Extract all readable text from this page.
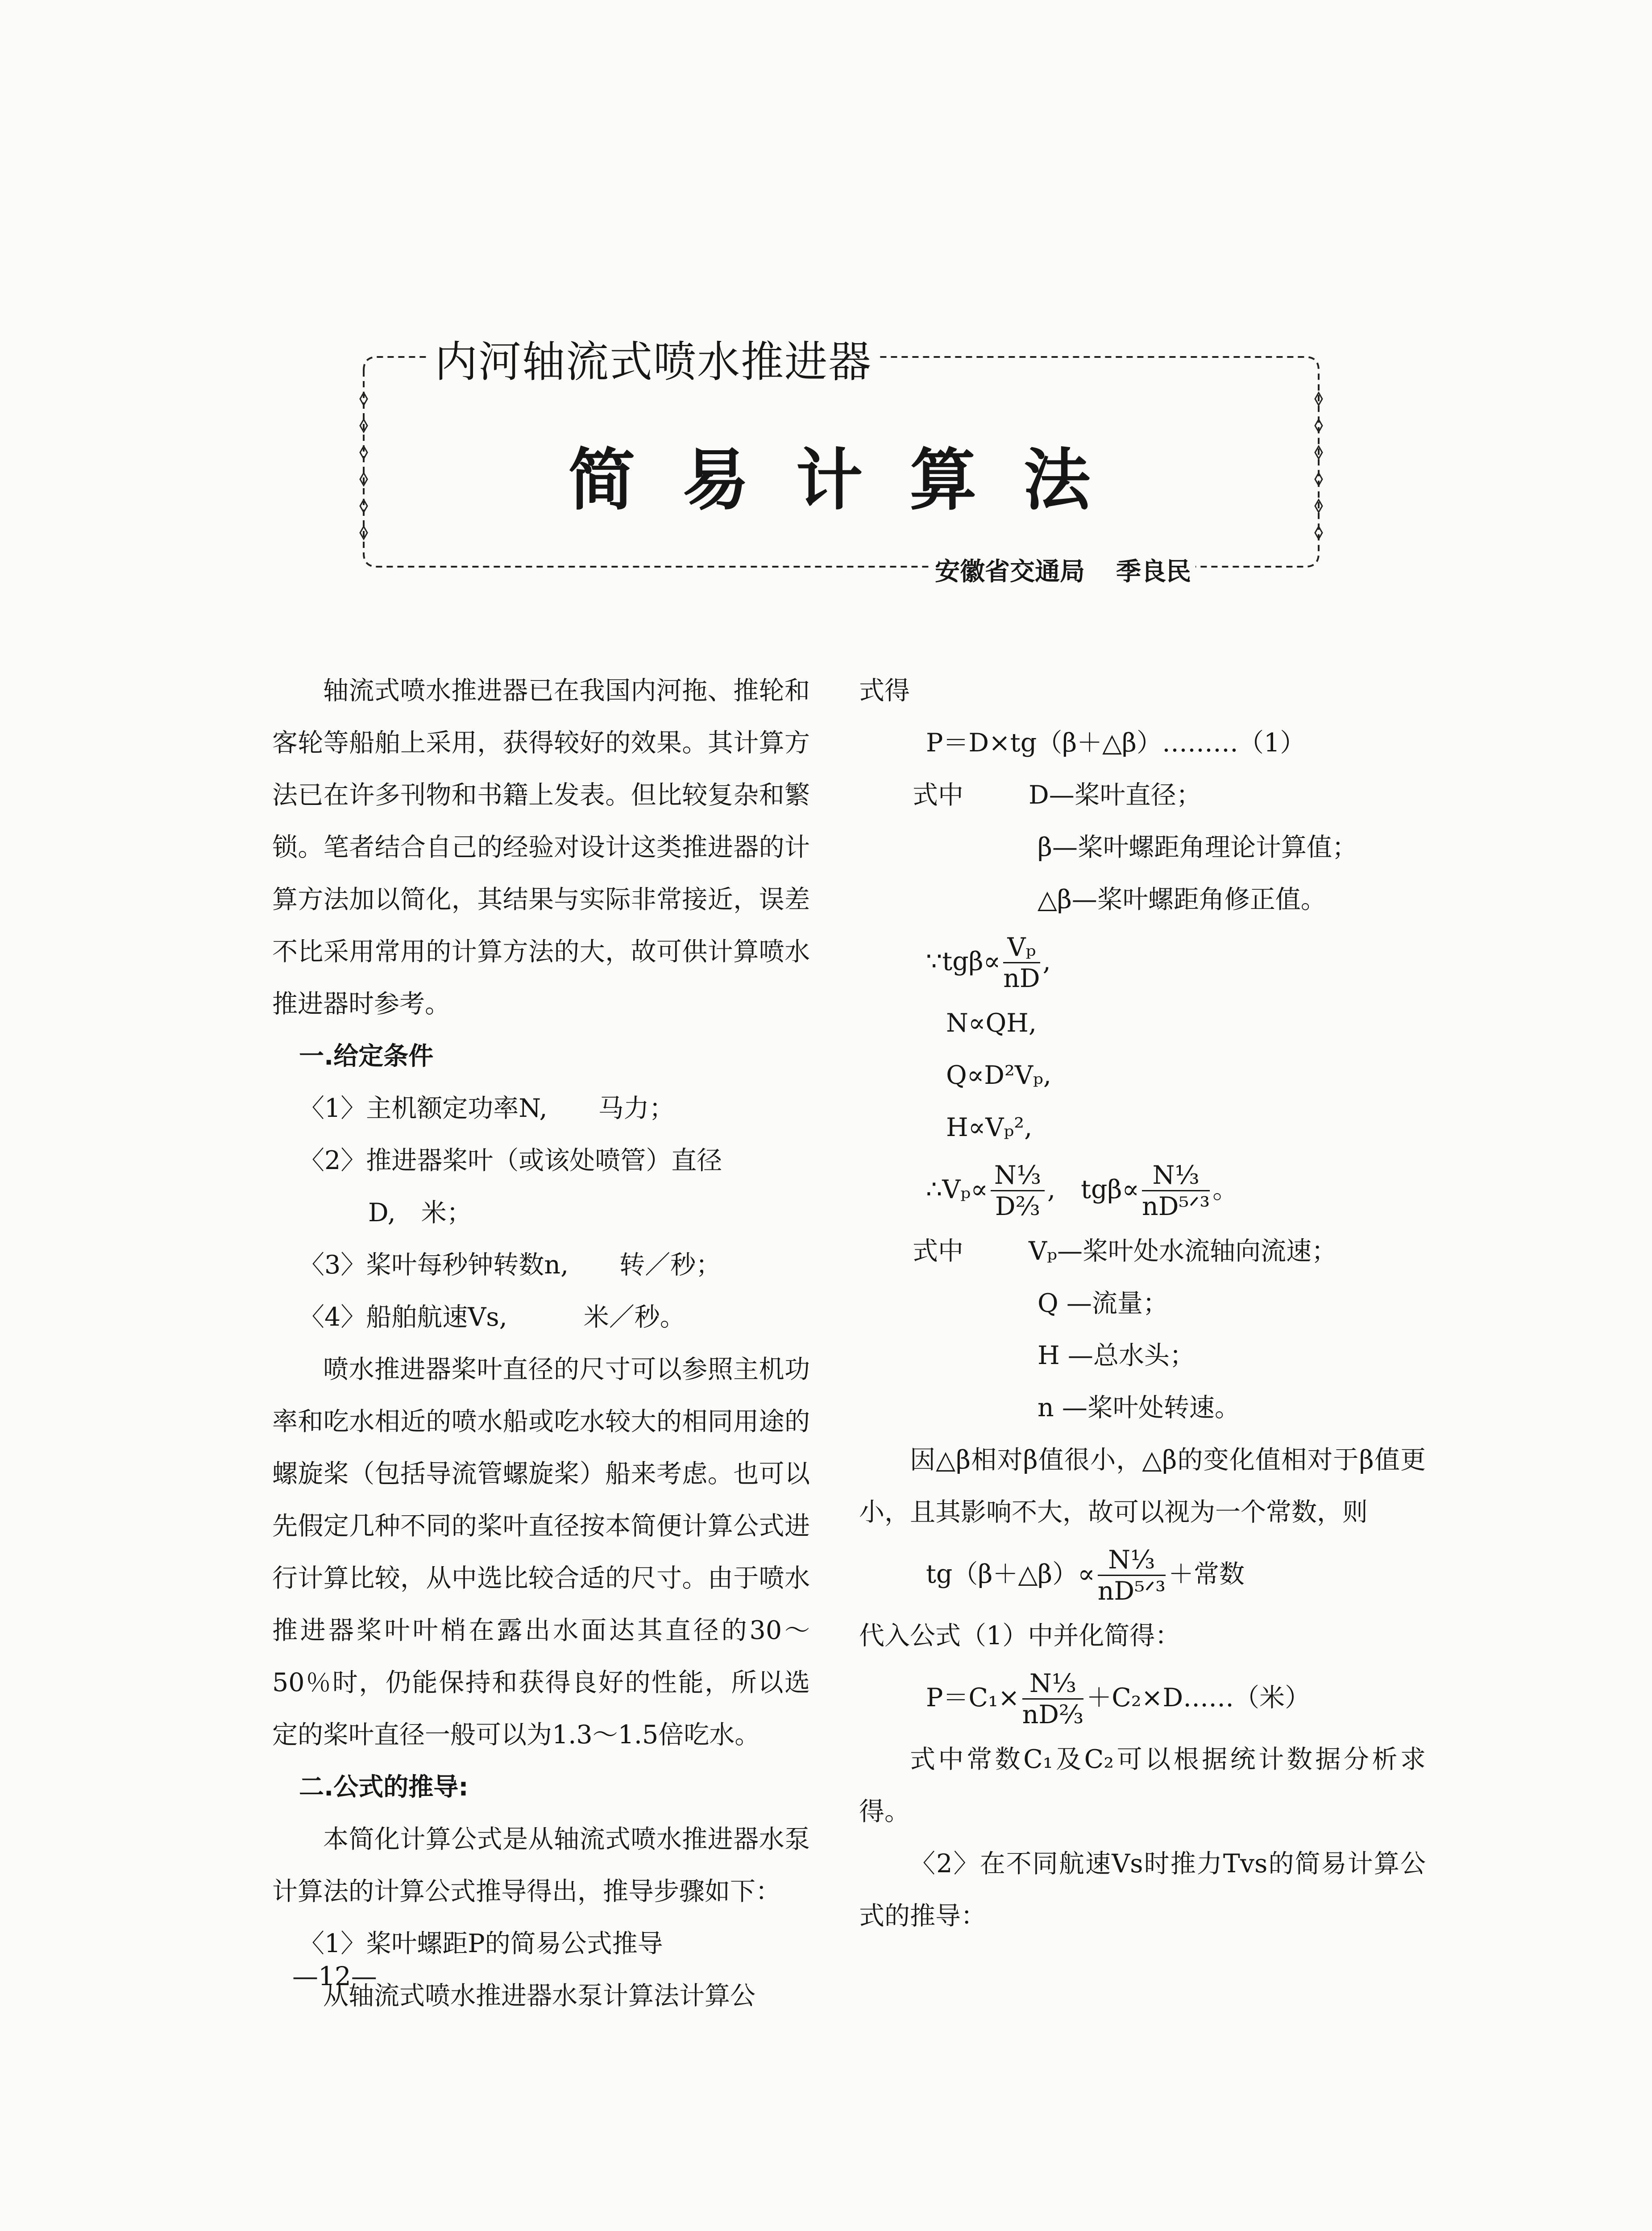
内河轴流式喷水推进器
简易计算法
安徽省交通局 季良民

轴流式喷水推进器已在我国内河拖、推轮和客轮等船舶上采用，获得较好的效果。其计算方法已在许多刊物和书籍上发表。但比较复杂和繁锁。笔者结合自己的经验对设计这类推进器的计算方法加以简化，其结果与实际非常接近，误差不比采用常用的计算方法的大，故可供计算喷水推进器时参考。

一.给定条件
〈1〉主机额定功率N,　　马力；
〈2〉推进器桨叶（或该处喷管）直径
D,　米；
〈3〉桨叶每秒钟转数n,　　转／秒；
〈4〉船舶航速Vs,　　　米／秒。

喷水推进器桨叶直径的尺寸可以参照主机功率和吃水相近的喷水船或吃水较大的相同用途的螺旋桨（包括导流管螺旋桨）船来考虑。也可以先假定几种不同的桨叶直径按本简便计算公式进行计算比较，从中选比较合适的尺寸。由于喷水推进器桨叶叶梢在露出水面达其直径的30～50％时，仍能保持和获得良好的性能，所以选定的桨叶直径一般可以为1.3～1.5倍吃水。

二.公式的推导:

本简化计算公式是从轴流式喷水推进器水泵计算法的计算公式推导得出，推导步骤如下：

〈1〉桨叶螺距P的简易公式推导

从轴流式喷水推进器水泵计算法计算公

式得
P＝D×tg（β＋△β）………（1）
式中	D—桨叶直径；
β—桨叶螺距角理论计算值；
△β—桨叶螺距角修正值。
∵tgβ∝ $\frac{\text{Vₚ}}{nD}$ ,
N∝QH,
Q∝D²Vₚ,
H∝Vₚ²,
∴Vₚ∝ $\frac{\text{N⅓}}{\text{D⅔}}$ ,　$tg\beta\propto \frac{\text{N⅓}}{\text{nD⁵ᐟ³}}$ 。
式中	Vₚ—桨叶处水流轴向流速；
Q —流量；
H —总水头；
n —桨叶处转速。

因△β相对β值很小，△β的变化值相对于β值更小，且其影响不大，故可以视为一个常数，则

tg（β＋△β）∝ $\frac{\text{N⅓}}{\text{nD⁵ᐟ³}}$ ＋常数
代入公式（1）中并化简得：
$P=C_1\times \frac{\text{N⅓}}{\text{nD⅔}}$ ＋C₂×D……（米）

式中常数C₁及C₂可以根据统计数据分析求得。

〈2〉在不同航速Vs时推力Tvs的简易计算公式的推导：

—12—
